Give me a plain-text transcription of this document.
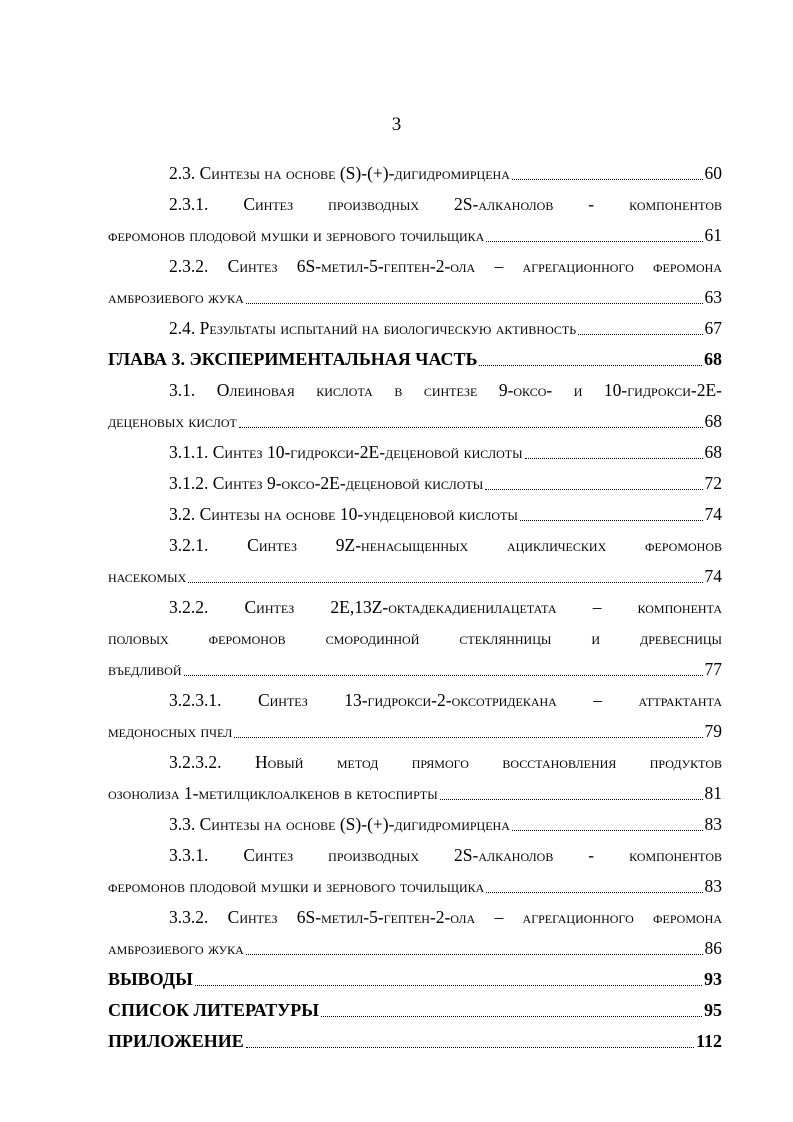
3
2.3. Синтезы на основе (S)-(+)-дигидромирцена	60
2.3.1. Синтез производных 2S-алканолов - компонентов
феромонов плодовой мушки и зернового точильщика	61
2.3.2. Синтез 6S-метил-5-гептен-2-ола – агрегационного феромона
амброзиевого жука	63
2.4. Результаты испытаний на биологическую активность	67
ГЛАВА 3. ЭКСПЕРИМЕНТАЛЬНАЯ ЧАСТЬ	68
3.1. Олеиновая кислота в синтезе 9-оксо- и 10-гидрокси-2E-
деценовых кислот	68
3.1.1. Синтез 10-гидрокси-2E-деценовой кислоты	68
3.1.2. Синтез 9-оксо-2E-деценовой кислоты	72
3.2. Синтезы на основе 10-ундеценовой кислоты	74
3.2.1. Синтез 9Z-ненасыщенных ациклических феромонов
насекомых	74
3.2.2. Синтез 2E,13Z-октадекадиенилацетата – компонента
половых феромонов смородинной стеклянницы и древесницы
въедливой	77
3.2.3.1. Синтез 13-гидрокси-2-оксотридекана – аттрактанта
медоносных пчел	79
3.2.3.2. Новый метод прямого восстановления продуктов
озонолиза 1-метилциклоалкенов в кетоспирты	81
3.3. Синтезы на основе (S)-(+)-дигидромирцена	83
3.3.1. Синтез производных 2S-алканолов - компонентов
феромонов плодовой мушки и зернового точильщика	83
3.3.2. Синтез 6S-метил-5-гептен-2-ола – агрегационного феромона
амброзиевого жука	86
ВЫВОДЫ	93
СПИСОК ЛИТЕРАТУРЫ	95
ПРИЛОЖЕНИЕ	112
